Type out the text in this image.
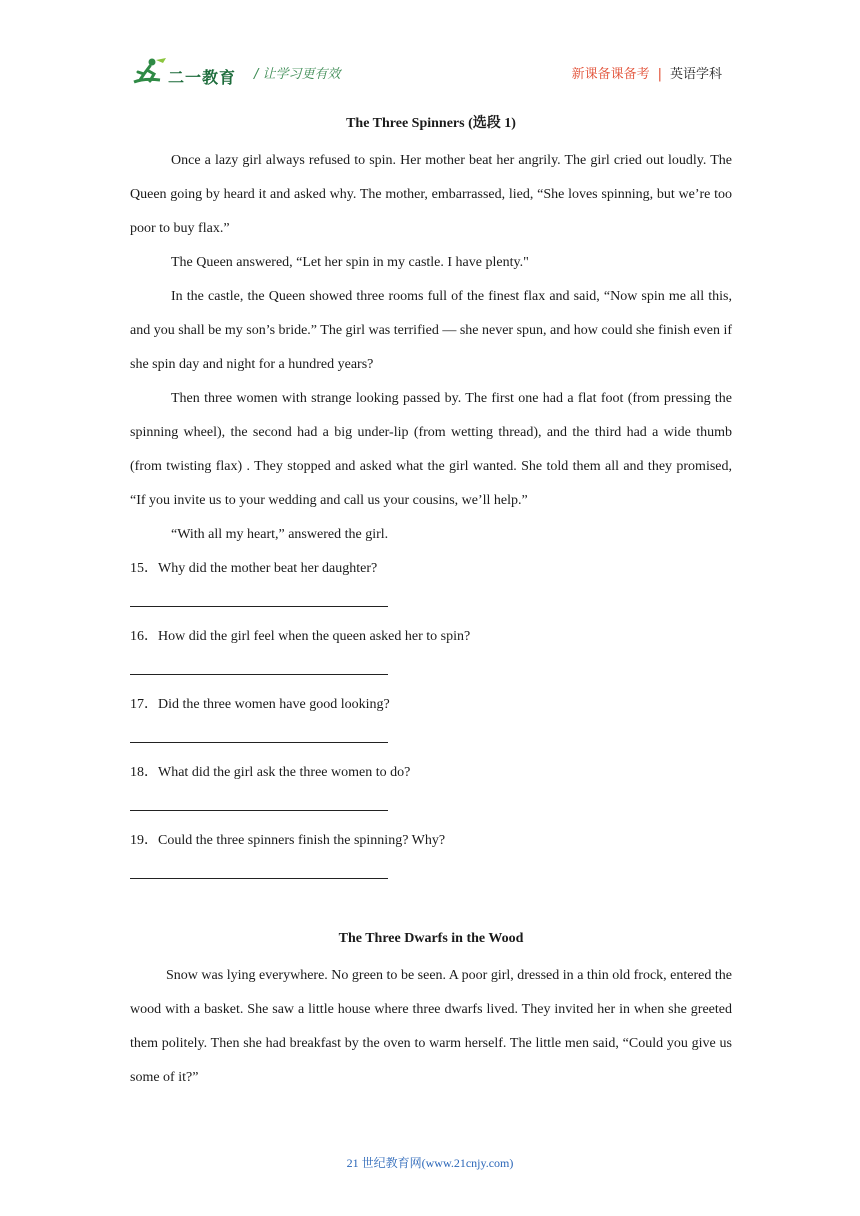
二一教育 / 让学习更有效	新课备课备考 | 英语学科
The Three Spinners (选段 1)

Once a lazy girl always refused to spin. Her mother beat her angrily. The girl cried out loudly. The Queen going by heard it and asked why. The mother, embarrassed, lied, “She loves spinning, but we’re too poor to buy flax.”

The Queen answered, “Let her spin in my castle. I have plenty."

In the castle, the Queen showed three rooms full of the finest flax and said, “Now spin me all this, and you shall be my son’s bride.” The girl was terrified — she never spun, and how could she finish even if she spin day and night for a hundred years?

Then three women with strange looking passed by. The first one had a flat foot (from pressing the spinning wheel), the second had a big under-lip (from wetting thread), and the third had a wide thumb (from twisting flax) . They stopped and asked what the girl wanted. She told them all and they promised, “If you invite us to your wedding and call us your cousins, we’ll help.”

“With all my heart,” answered the girl.

15．Why did the mother beat her daughter?
16．How did the girl feel when the queen asked her to spin?
17．Did the three women have good looking?
18．What did the girl ask the three women to do?
19．Could the three spinners finish the spinning? Why?
The Three Dwarfs in the Wood

Snow was lying everywhere. No green to be seen. A poor girl, dressed in a thin old frock, entered the wood with a basket. She saw a little house where three dwarfs lived. They invited her in when she greeted them politely. Then she had breakfast by the oven to warm herself. The little men said, “Could you give us some of it?”

21 世纪教育网(www.21cnjy.com)
